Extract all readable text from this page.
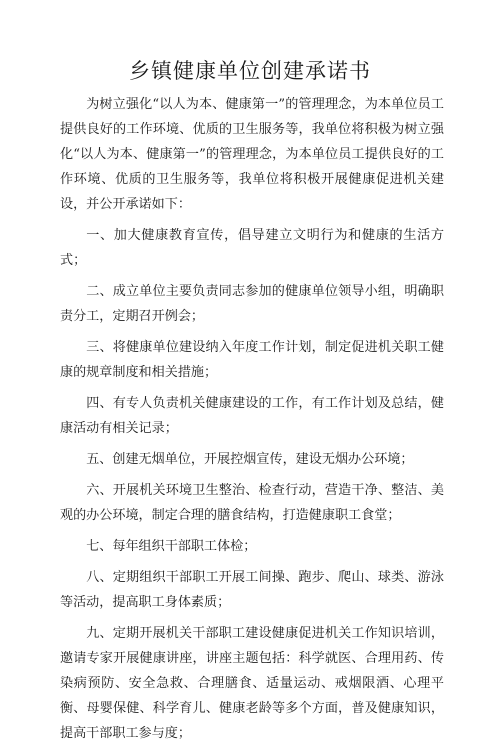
乡镇健康单位创建承诺书

为树立强化“以人为本、健康第一”的管理理念，为本单位员工提供良好的工作环境、优质的卫生服务等，我单位将积极为树立强化“以人为本、健康第一”的管理理念，为本单位员工提供良好的工作环境、优质的卫生服务等，我单位将积极开展健康促进机关建设，并公开承诺如下：

一、加大健康教育宣传，倡导建立文明行为和健康的生活方式；

二、成立单位主要负责同志参加的健康单位领导小组，明确职责分工，定期召开例会；

三、将健康单位建设纳入年度工作计划，制定促进机关职工健康的规章制度和相关措施；

四、有专人负责机关健康建设的工作，有工作计划及总结，健康活动有相关记录；

五、创建无烟单位，开展控烟宣传，建设无烟办公环境；

六、开展机关环境卫生整治、检查行动，营造干净、整洁、美观的办公环境，制定合理的膳食结构，打造健康职工食堂；

七、每年组织干部职工体检；

八、定期组织干部职工开展工间操、跑步、爬山、球类、游泳等活动，提高职工身体素质；

九、定期开展机关干部职工建设健康促进机关工作知识培训，邀请专家开展健康讲座，讲座主题包括：科学就医、合理用药、传染病预防、安全急救、合理膳食、适量运动、戒烟限酒、心理平衡、母婴保健、科学育儿、健康老龄等多个方面，普及健康知识，提高干部职工参与度；
